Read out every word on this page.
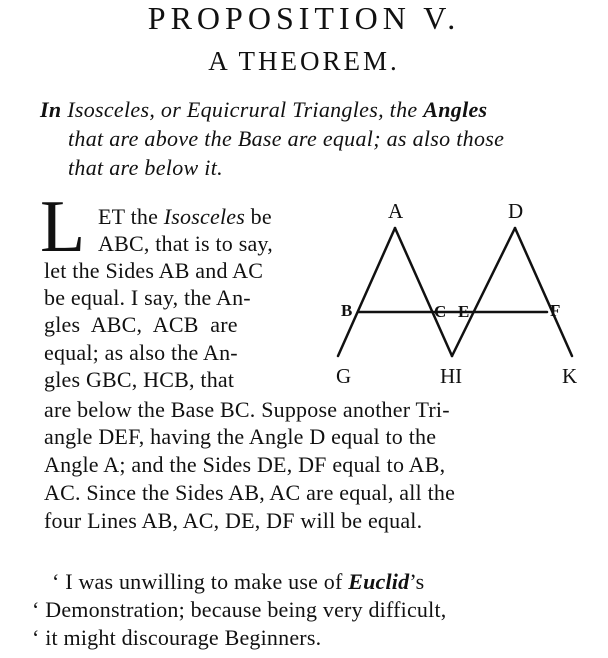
PROPOSITION V.
A THEOREM.
In Isosceles, or Equicrural Triangles, the Angles
that are above the Base are equal; as also those
that are below it.
L ET the Isosceles be
ABC, that is to say,
let the Sides AB and AC
be equal. I say, the An-
gles ABC, ACB are
equal; as also the An-
gles GBC, HCB, that
are below the Base BC. Suppose another Tri-
angle DEF, having the Angle D equal to the
Angle A; and the Sides DE, DF equal to AB,
AC. Since the Sides AB, AC are equal, all the
four Lines AB, AC, DE, DF will be equal.
A	D
B	C E	F
G	HI	K
‘ I was unwilling to make use of Euclid’s
‘ Demonstration; because being very difficult,
‘ it might discourage Beginners.
